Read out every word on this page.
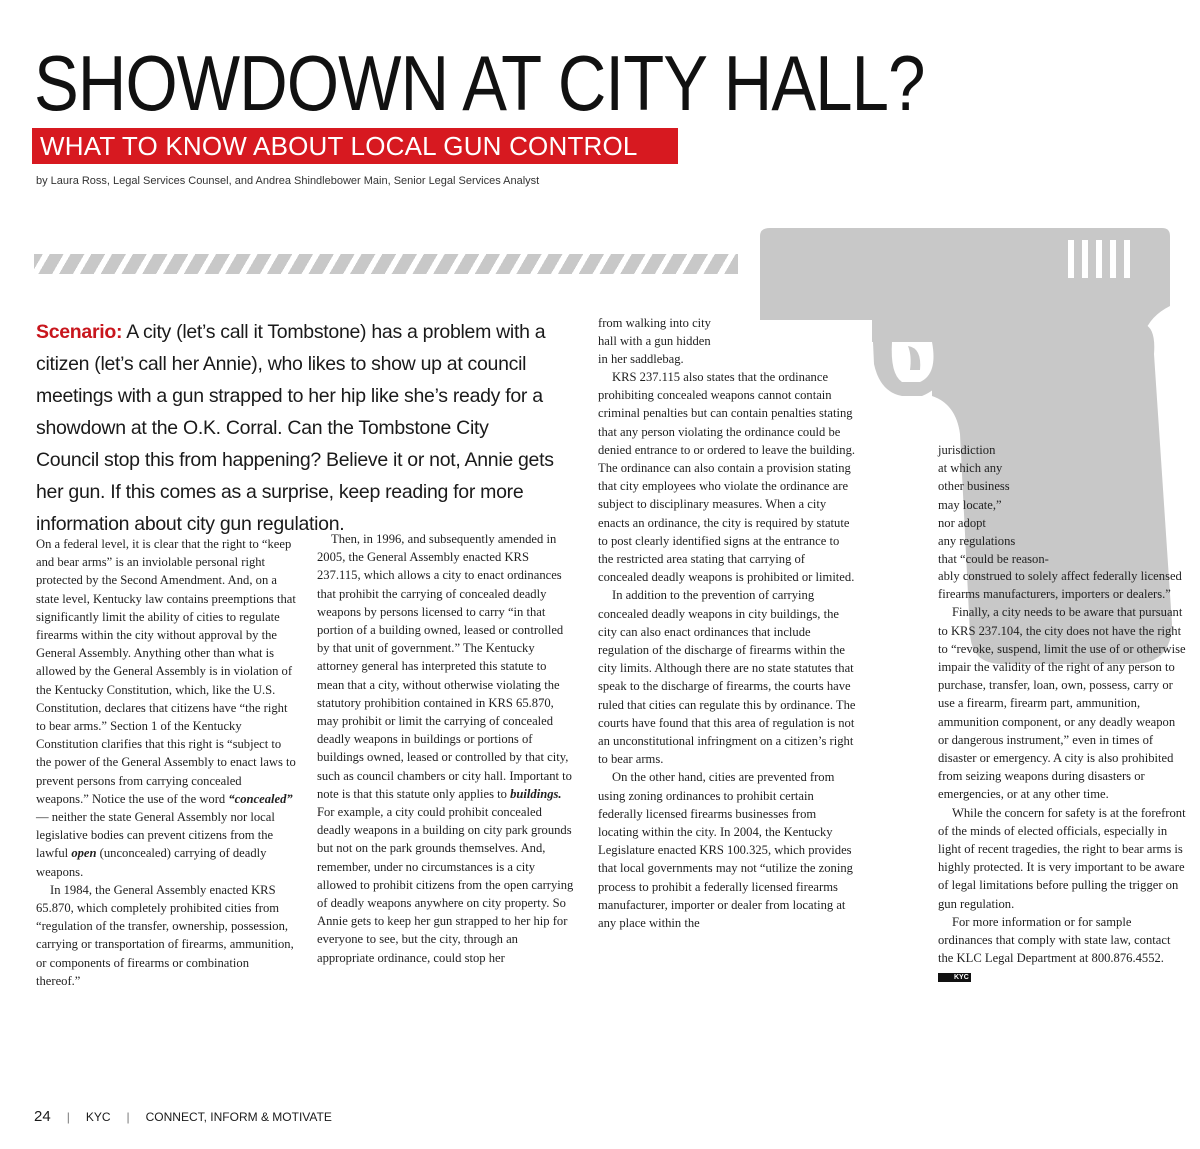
SHOWDOWN AT CITY HALL?
WHAT TO KNOW ABOUT LOCAL GUN CONTROL
by Laura Ross, Legal Services Counsel, and Andrea Shindlebower Main, Senior Legal Services Analyst
Scenario: A city (let’s call it Tombstone) has a problem with a citizen (let’s call her Annie), who likes to show up at council meetings with a gun strapped to her hip like she’s ready for a showdown at the O.K. Corral. Can the Tombstone City Council stop this from happening? Believe it or not, Annie gets her gun. If this comes as a surprise, keep reading for more information about city gun regulation.

On a federal level, it is clear that the right to “keep and bear arms” is an inviolable personal right protected by the Second Amendment. And, on a state level, Kentucky law contains preemptions that significantly limit the ability of cities to regulate firearms within the city without approval by the General Assembly. Anything other than what is allowed by the General Assembly is in violation of the Kentucky Constitution, which, like the U.S. Constitution, declares that citizens have “the right to bear arms.” Section 1 of the Kentucky Constitution clarifies that this right is “subject to the power of the General Assembly to enact laws to prevent persons from carrying concealed weapons.” Notice the use of the word “concealed” — neither the state General Assembly nor local legislative bodies can prevent citizens from the lawful open (unconcealed) carrying of deadly weapons.

In 1984, the General Assembly enacted KRS 65.870, which completely prohibited cities from “regulation of the transfer, ownership, possession, carrying or transportation of firearms, ammunition, or components of firearms or combination thereof.”

Then, in 1996, and subsequently amended in 2005, the General Assembly enacted KRS 237.115, which allows a city to enact ordinances that prohibit the carrying of concealed deadly weapons by persons licensed to carry “in that portion of a building owned, leased or controlled by that unit of government.” The Kentucky attorney general has interpreted this statute to mean that a city, without otherwise violating the statutory prohibition contained in KRS 65.870, may prohibit or limit the carrying of concealed deadly weapons in buildings or portions of buildings owned, leased or controlled by that city, such as council chambers or city hall. Important to note is that this statute only applies to buildings. For example, a city could prohibit concealed deadly weapons in a building on city park grounds but not on the park grounds themselves. And, remember, under no circumstances is a city allowed to prohibit citizens from the open carrying of deadly weapons anywhere on city property. So Annie gets to keep her gun strapped to her hip for everyone to see, but the city, through an appropriate ordinance, could stop her

from walking into city
hall with a gun hidden
in her saddlebag.

KRS 237.115 also states that the ordinance prohibiting concealed weapons cannot contain criminal penalties but can contain penalties stating that any person violating the ordinance could be denied entrance to or ordered to leave the building. The ordinance can also contain a provision stating that city employees who violate the ordinance are subject to disciplinary measures. When a city enacts an ordinance, the city is required by statute to post clearly identified signs at the entrance to the restricted area stating that carrying of concealed deadly weapons is prohibited or limited.

In addition to the prevention of carrying concealed deadly weapons in city buildings, the city can also enact ordinances that include regulation of the discharge of firearms within the city limits. Although there are no state statutes that speak to the discharge of firearms, the courts have ruled that cities can regulate this by ordinance. The courts have found that this area of regulation is not an unconstitutional infringment on a citizen’s right to bear arms.

On the other hand, cities are prevented from using zoning ordinances to prohibit certain federally licensed firearms businesses from locating within the city. In 2004, the Kentucky Legislature enacted KRS 100.325, which provides that local governments may not “utilize the zoning process to prohibit a federally licensed firearms manufacturer, importer or dealer from locating at any place within the

jurisdiction
at which any
other business
may locate,”
nor adopt
any regulations
that “could be reason-

ably construed to solely affect federally licensed firearms manufacturers, importers or dealers.”

Finally, a city needs to be aware that pursuant to KRS 237.104, the city does not have the right to “revoke, suspend, limit the use of or otherwise impair the validity of the right of any person to purchase, transfer, loan, own, possess, carry or use a firearm, firearm part, ammunition, ammunition component, or any deadly weapon or dangerous instrument,” even in times of disaster or emergency. A city is also prohibited from seizing weapons during disasters or emergencies, or at any other time.

While the concern for safety is at the forefront of the minds of elected officials, especially in light of recent tragedies, the right to bear arms is highly protected. It is very important to be aware of legal limitations before pulling the trigger on gun regulation.

For more information or for sample ordinances that comply with state law, contact the KLC Legal Department at 800.876.4552. KYC

24 | KYC | CONNECT, INFORM & MOTIVATE
